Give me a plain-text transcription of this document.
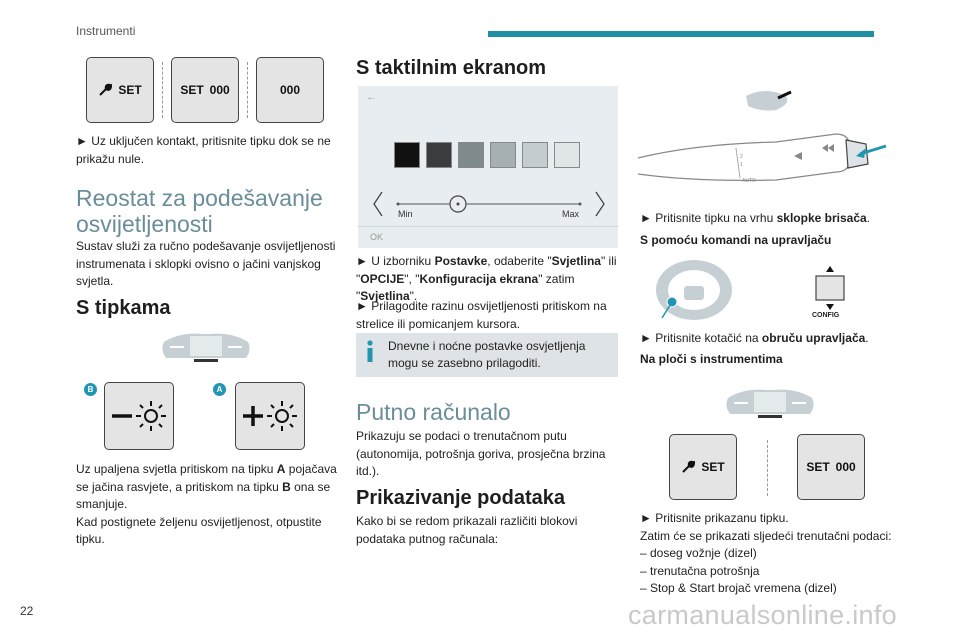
Instrumenti
SET	SET 000	000
► Uz uključen kontakt, pritisnite tipku dok se ne prikažu nule.
Reostat za podešavanje osvijetljenosti
Sustav služi za ručno podešavanje osvijetljenosti instrumenata i sklopki ovisno o jačini vanjskog svjetla.
S tipkama
B	A
Uz upaljena svjetla pritiskom na tipku A pojačava se jačina rasvjete, a pritiskom na tipku B ona se smanjuje.
Kad postignete željenu osvijetljenost, otpustite tipku.
S taktilnim ekranom
←
Min	Max
OK
► U izborniku Postavke, odaberite "Svjetlina" ili "OPCIJE", "Konfiguracija ekrana" zatim "Svjetlina".
► Prilagodite razinu osvijetljenosti pritiskom na strelice ili pomicanjem kursora.
Dnevne i noćne postavke osvjetljenja mogu se zasebno prilagoditi.
Putno računalo
Prikazuju se podaci o trenutačnom putu (autonomija, potrošnja goriva, prosječna brzina itd.).
Prikazivanje podataka
Kako bi se redom prikazali različiti blokovi podataka putnog računala:
2
1
AUTO
► Pritisnite tipku na vrhu sklopke brisača.
S pomoću komandi na upravljaču
CONFIG
► Pritisnite kotačić na obruču upravljača.
Na ploči s instrumentima
SET	SET 000
► Pritisnite prikazanu tipku.
Zatim će se prikazati sljedeći trenutačni podaci:
– doseg vožnje (dizel)
– trenutačna potrošnja
– Stop & Start brojač vremena (dizel)
22	carmanualsonline.info
